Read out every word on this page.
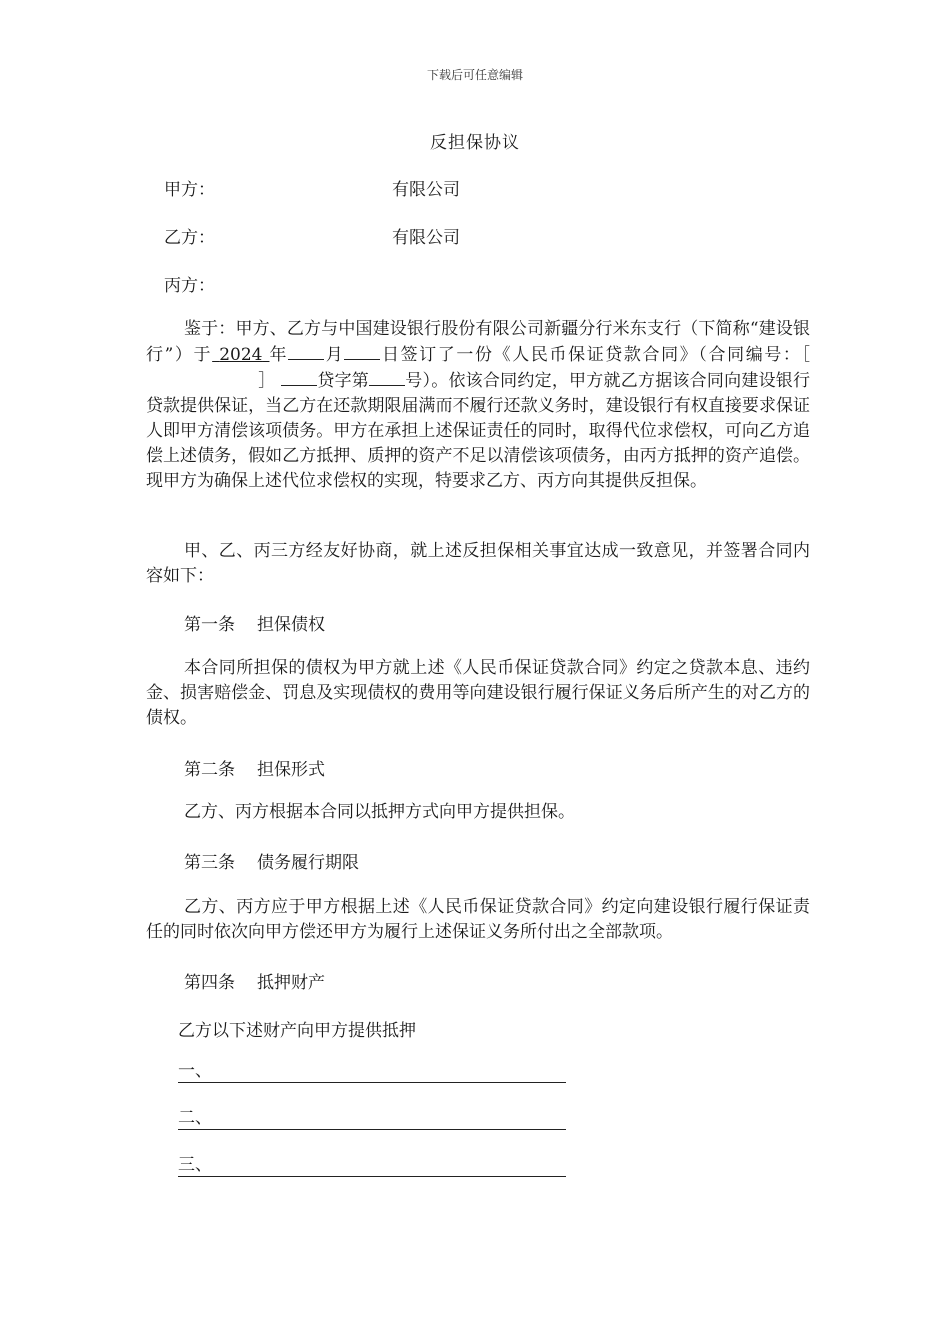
下载后可任意编辑
反担保协议
甲方：	有限公司
乙方：	有限公司
丙方：

鉴于：甲方、乙方与中国建设银行股份有限公司新疆分行米东支行（下简称“建设银行”）于 2024 年 月 日签订了一份《人民币保证贷款合同》（合同编号：［］ 贷字第 号）。依该合同约定，甲方就乙方据该合同向建设银行贷款提供保证，当乙方在还款期限届满而不履行还款义务时，建设银行有权直接要求保证人即甲方清偿该项债务。甲方在承担上述保证责任的同时，取得代位求偿权，可向乙方追偿上述债务，假如乙方抵押、质押的资产不足以清偿该项债务，由丙方抵押的资产追偿。现甲方为确保上述代位求偿权的实现，特要求乙方、丙方向其提供反担保。

甲、乙、丙三方经友好协商，就上述反担保相关事宜达成一致意见，并签署合同内容如下：

第一条 担保债权

本合同所担保的债权为甲方就上述《人民币保证贷款合同》约定之贷款本息、违约金、损害赔偿金、罚息及实现债权的费用等向建设银行履行保证义务后所产生的对乙方的债权。

第二条 担保形式

乙方、丙方根据本合同以抵押方式向甲方提供担保。

第三条 债务履行期限

乙方、丙方应于甲方根据上述《人民币保证贷款合同》约定向建设银行履行保证责任的同时依次向甲方偿还甲方为履行上述保证义务所付出之全部款项。

第四条 抵押财产
乙方以下述财产向甲方提供抵押
一、
二、
三、
